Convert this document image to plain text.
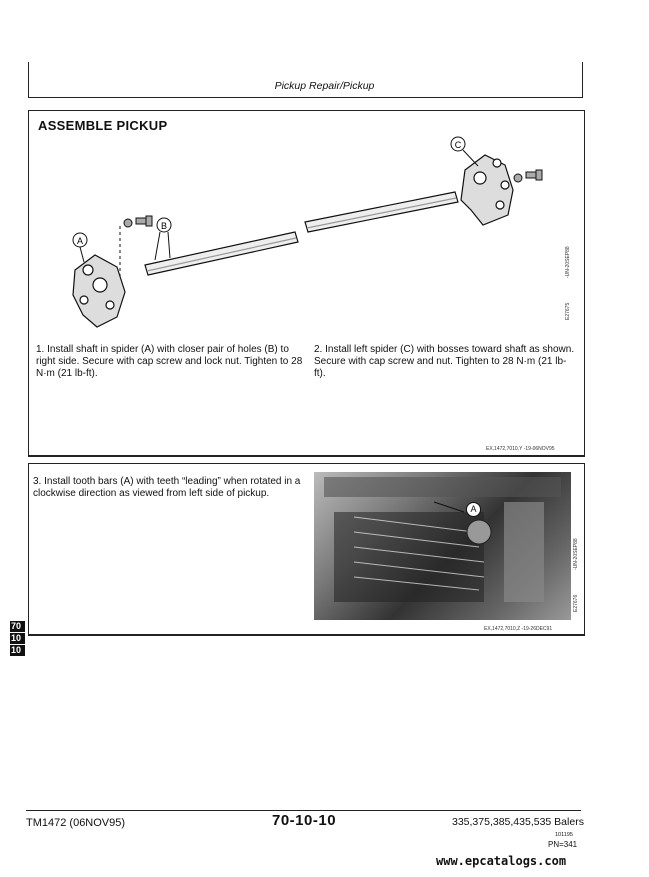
Pickup Repair/Pickup
ASSEMBLE PICKUP
C
A
B
-UN-20SEP88
E27675
1. Install shaft in spider (A) with closer pair of holes (B) to right side. Secure with cap screw and lock nut. Tighten to 28 N·m (21 lb-ft).
2. Install left spider (C) with bosses toward shaft as shown. Secure with cap screw and nut. Tighten to 28 N·m (21 lb-ft).
EX,1472,7010,Y -19-06NOV95
3. Install tooth bars (A) with teeth “leading” when rotated in a clockwise direction as viewed from left side of pickup.
A
-UN-20SEP88
E27676
EX,1472,7010,Z -19-26DEC91
70
10
10
TM1472 (06NOV95)	70-10-10	335,375,385,435,535 Balers
101195
PN=341
www.epcatalogs.com
